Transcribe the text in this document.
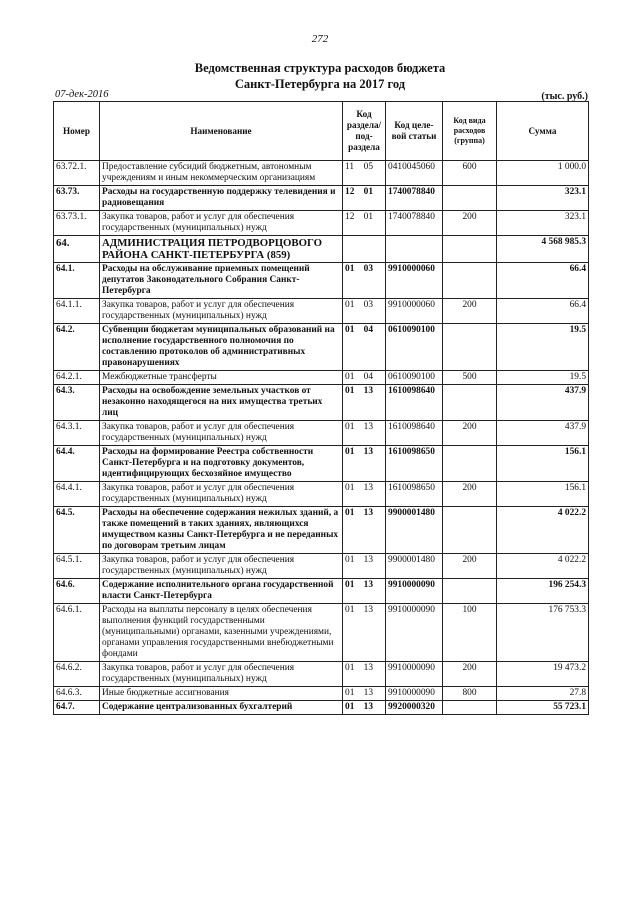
272
Ведомственная структура расходов бюджета
Санкт-Петербурга на 2017 год
07-дек-2016	(тыс. руб.)
Номер	Наименование	Код раздела/ под-раздела	Код целе-вой статьи	Код вида расходов (группа)	Сумма
63.72.1.	Предоставление субсидий бюджетным, автономным учреждениям и иным некоммерческим организациям	11 05	0410045060	600	1 000.0
63.73.	Расходы на государственную поддержку телевидения и радиовещания	12 01	1740078840		323.1
63.73.1.	Закупка товаров, работ и услуг для обеспечения государственных (муниципальных) нужд	12 01	1740078840	200	323.1
64.	АДМИНИСТРАЦИЯ ПЕТРОДВОРЦОВОГО РАЙОНА САНКТ-ПЕТЕРБУРГА (859)				4 568 985.3
64.1.	Расходы на обслуживание приемных помещений депутатов Законодательного Собрания Санкт-Петербурга	01 03	9910000060		66.4
64.1.1.	Закупка товаров, работ и услуг для обеспечения государственных (муниципальных) нужд	01 03	9910000060	200	66.4
64.2.	Субвенции бюджетам муниципальных образований на исполнение государственного полномочия по составлению протоколов об административных правонарушениях	01 04	0610090100		19.5
64.2.1.	Межбюджетные трансферты	01 04	0610090100	500	19.5
64.3.	Расходы на освобождение земельных участков от незаконно находящегося на них имущества третьих лиц	01 13	1610098640		437.9
64.3.1.	Закупка товаров, работ и услуг для обеспечения государственных (муниципальных) нужд	01 13	1610098640	200	437.9
64.4.	Расходы на формирование Реестра собственности Санкт-Петербурга и на подготовку документов, идентифицирующих бесхозяйное имущество	01 13	1610098650		156.1
64.4.1.	Закупка товаров, работ и услуг для обеспечения государственных (муниципальных) нужд	01 13	1610098650	200	156.1
64.5.	Расходы на обеспечение содержания нежилых зданий, а также помещений в таких зданиях, являющихся имуществом казны Санкт-Петербурга и не переданных по договорам третьим лицам	01 13	9900001480		4 022.2
64.5.1.	Закупка товаров, работ и услуг для обеспечения государственных (муниципальных) нужд	01 13	9900001480	200	4 022.2
64.6.	Содержание исполнительного органа государственной власти Санкт-Петербурга	01 13	9910000090		196 254.3
64.6.1.	Расходы на выплаты персоналу в целях обеспечения выполнения функций государственными (муниципальными) органами, казенными учреждениями, органами управления государственными внебюджетными фондами	01 13	9910000090	100	176 753.3
64.6.2.	Закупка товаров, работ и услуг для обеспечения государственных (муниципальных) нужд	01 13	9910000090	200	19 473.2
64.6.3.	Иные бюджетные ассигнования	01 13	9910000090	800	27.8
64.7.	Содержание централизованных бухгалтерий	01 13	9920000320		55 723.1
